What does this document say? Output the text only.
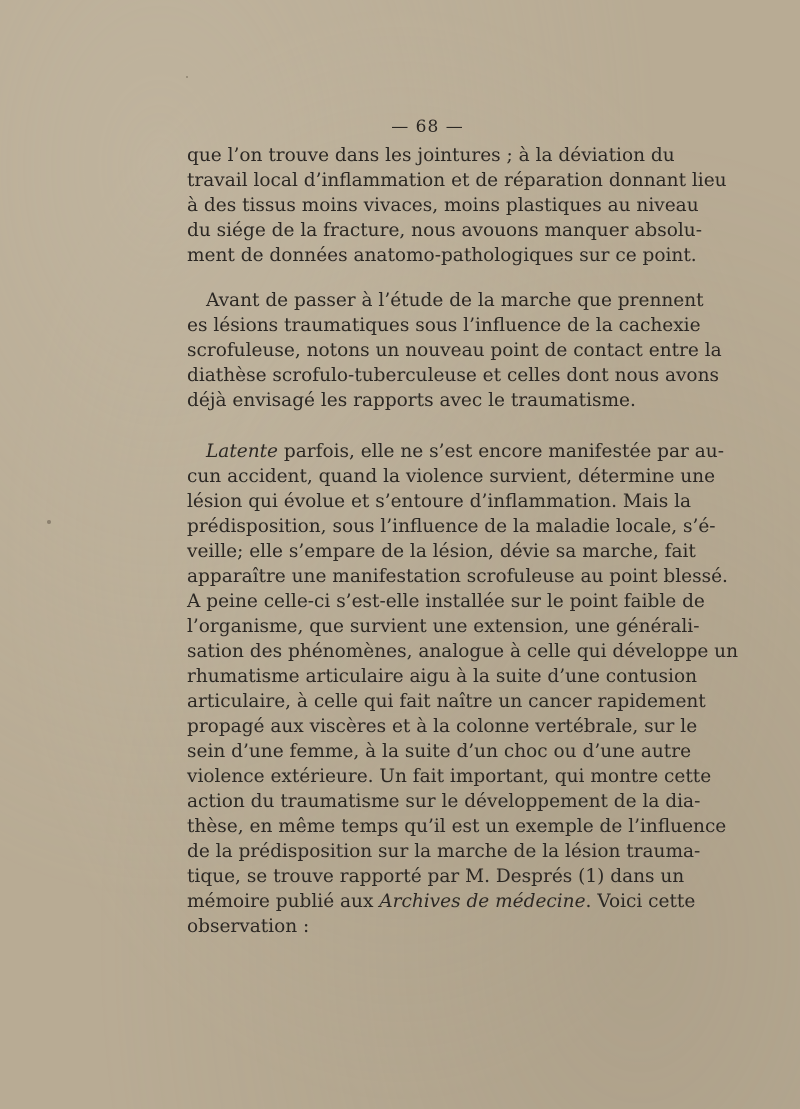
— 68 —
que l’on trouve dans les jointures ; à la déviation du
travail local d’inflammation et de réparation donnant lieu
à des tissus moins vivaces, moins plastiques au niveau
du siége de la fracture, nous avouons manquer absolu-
ment de données anatomo-pathologiques sur ce point.
Avant de passer à l’étude de la marche que prennent
es lésions traumatiques sous l’influence de la cachexie
scrofuleuse, notons un nouveau point de contact entre la
diathèse scrofulo-tuberculeuse et celles dont nous avons
déjà envisagé les rapports avec le traumatisme.
Latente parfois, elle ne s’est encore manifestée par au-
cun accident, quand la violence survient, détermine une
lésion qui évolue et s’entoure d’inflammation. Mais la
prédisposition, sous l’influence de la maladie locale, s’é-
veille; elle s’empare de la lésion, dévie sa marche, fait
apparaître une manifestation scrofuleuse au point blessé.
A peine celle-ci s’est-elle installée sur le point faible de
l’organisme, que survient une extension, une générali-
sation des phénomènes, analogue à celle qui développe un
rhumatisme articulaire aigu à la suite d’une contusion
articulaire, à celle qui fait naître un cancer rapidement
propagé aux viscères et à la colonne vertébrale, sur le
sein d’une femme, à la suite d’un choc ou d’une autre
violence extérieure. Un fait important, qui montre cette
action du traumatisme sur le développement de la dia-
thèse, en même temps qu’il est un exemple de l’influence
de la prédisposition sur la marche de la lésion trauma-
tique, se trouve rapporté par M. Després (1) dans un
mémoire publié aux Archives de médecine. Voici cette
observation :
